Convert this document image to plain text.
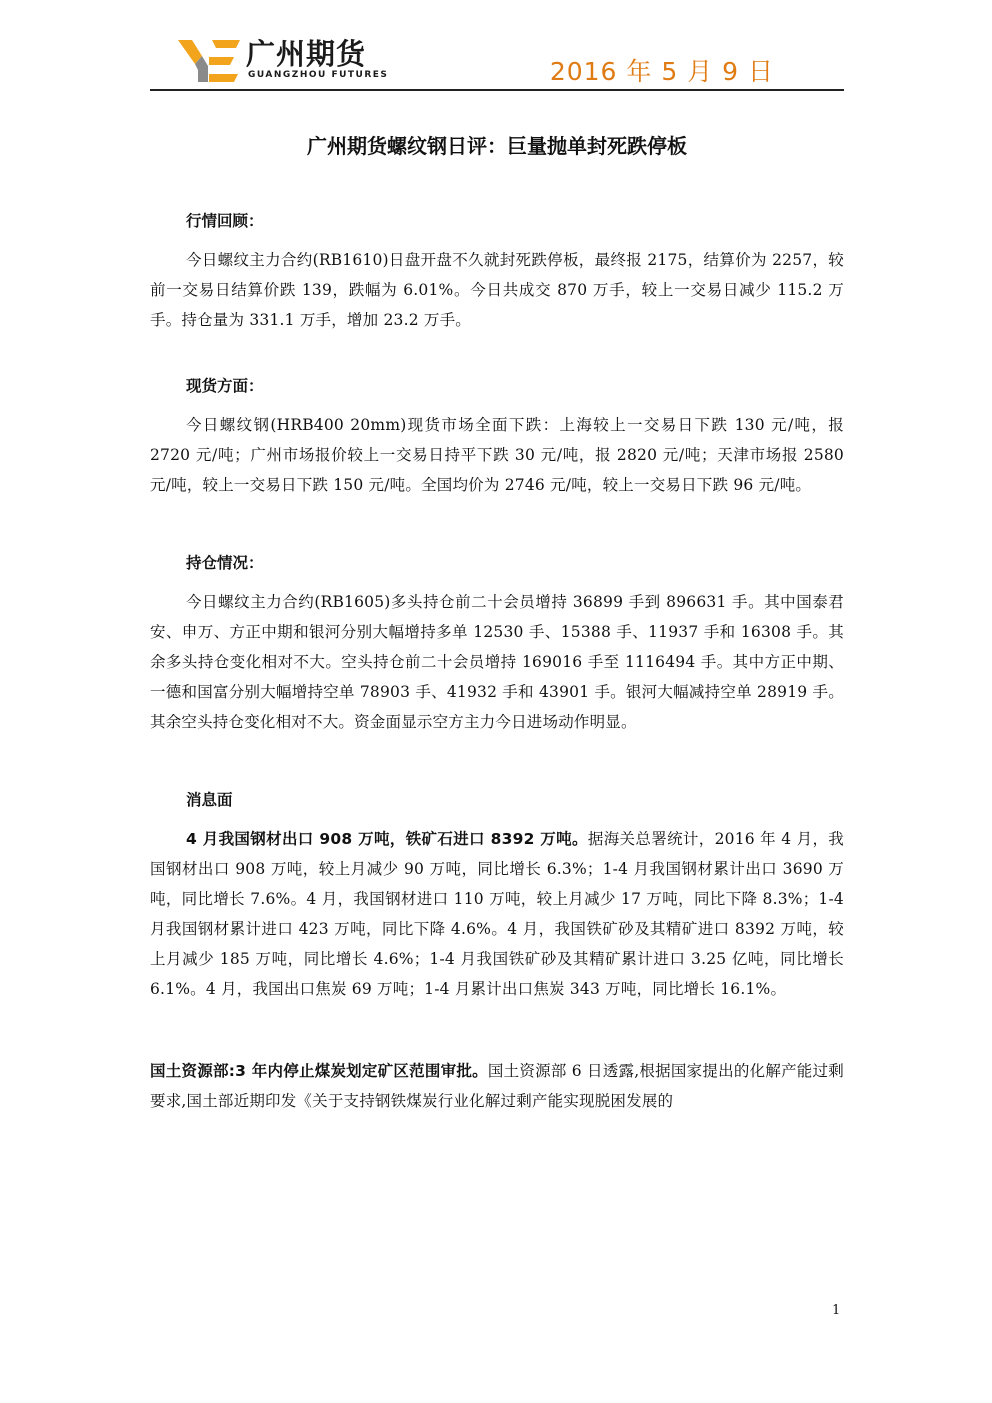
广州期货
GUANGZHOU FUTURES	2016 年 5 月 9 日
广州期货螺纹钢日评：巨量抛单封死跌停板

行情回顾：

今日螺纹主力合约(RB1610)日盘开盘不久就封死跌停板，最终报 2175，结算价为 2257，较前一交易日结算价跌 139，跌幅为 6.01%。今日共成交 870 万手，较上一交易日减少 115.2 万手。持仓量为 331.1 万手，增加 23.2 万手。

现货方面：

今日螺纹钢(HRB400 20mm)现货市场全面下跌：上海较上一交易日下跌 130 元/吨，报 2720 元/吨；广州市场报价较上一交易日持平下跌 30 元/吨，报 2820 元/吨；天津市场报 2580 元/吨，较上一交易日下跌 150 元/吨。全国均价为 2746 元/吨，较上一交易日下跌 96 元/吨。

持仓情况：

今日螺纹主力合约(RB1605)多头持仓前二十会员增持 36899 手到 896631 手。其中国泰君安、申万、方正中期和银河分别大幅增持多单 12530 手、15388 手、11937 手和 16308 手。其余多头持仓变化相对不大。空头持仓前二十会员增持 169016 手至 1116494 手。其中方正中期、一德和国富分别大幅增持空单 78903 手、41932 手和 43901 手。银河大幅减持空单 28919 手。其余空头持仓变化相对不大。资金面显示空方主力今日进场动作明显。

消息面

4 月我国钢材出口 908 万吨，铁矿石进口 8392 万吨。据海关总署统计，2016 年 4 月，我国钢材出口 908 万吨，较上月减少 90 万吨，同比增长 6.3%；1-4 月我国钢材累计出口 3690 万吨，同比增长 7.6%。4 月，我国钢材进口 110 万吨，较上月减少 17 万吨，同比下降 8.3%；1-4 月我国钢材累计进口 423 万吨，同比下降 4.6%。4 月，我国铁矿砂及其精矿进口 8392 万吨，较上月减少 185 万吨，同比增长 4.6%；1-4 月我国铁矿砂及其精矿累计进口 3.25 亿吨，同比增长 6.1%。4 月，我国出口焦炭 69 万吨；1-4 月累计出口焦炭 343 万吨，同比增长 16.1%。

国土资源部:3 年内停止煤炭划定矿区范围审批。国土资源部 6 日透露,根据国家提出的化解产能过剩要求,国土部近期印发《关于支持钢铁煤炭行业化解过剩产能实现脱困发展的

1
